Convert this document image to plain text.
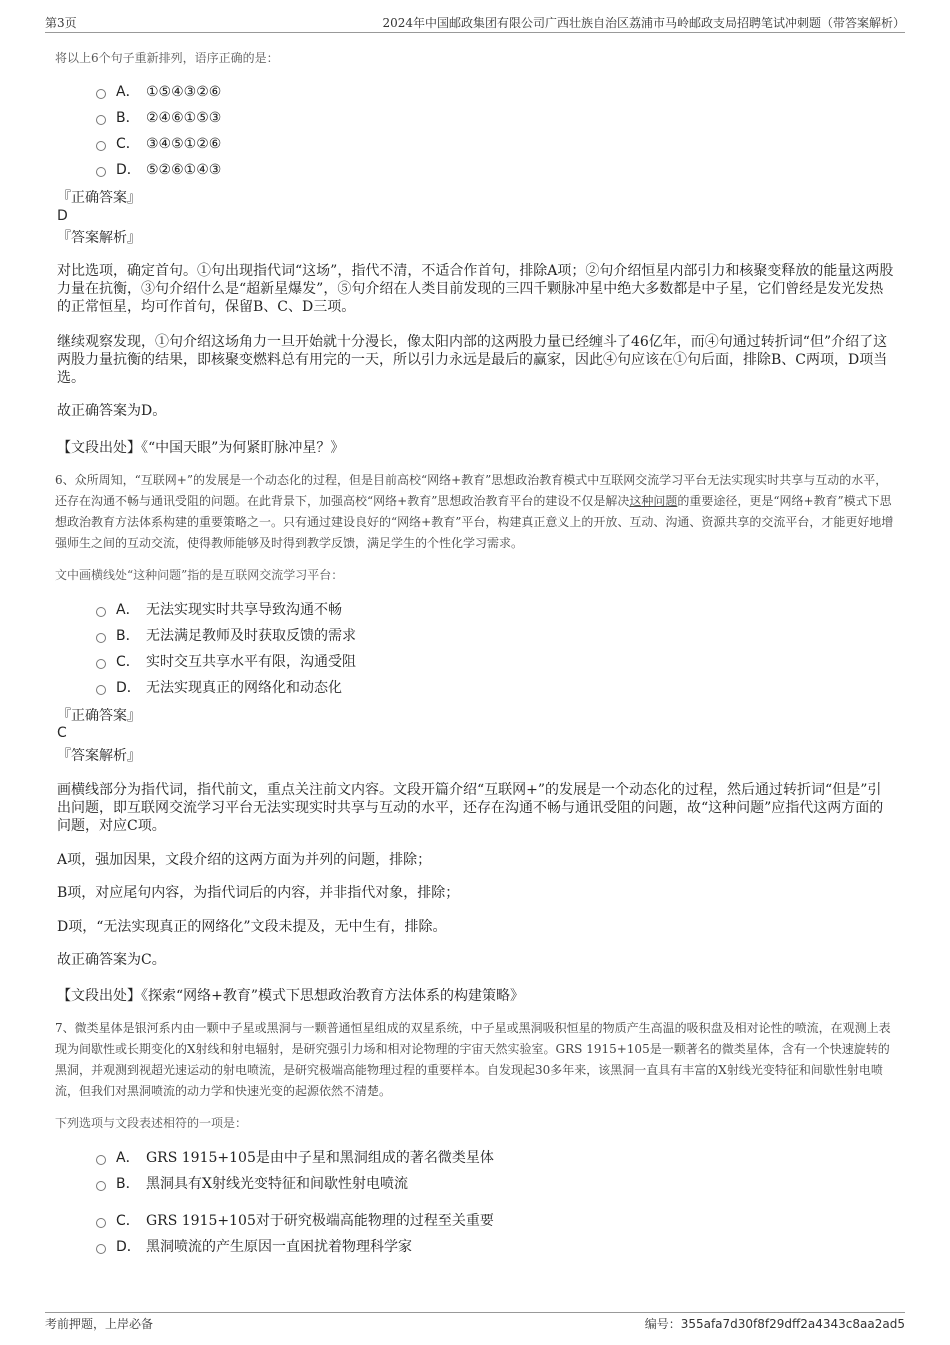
第3页	2024年中国邮政集团有限公司广西壮族自治区荔浦市马岭邮政支局招聘笔试冲刺题（带答案解析）
将以上6个句子重新排列，语序正确的是：
A． ①⑤④③②⑥
B． ②④⑥①⑤③
C． ③④⑤①②⑥
D． ⑤②⑥①④③
『正确答案』
D
『答案解析』
对比选项，确定首句。①句出现指代词“这场”，指代不清，不适合作首句，排除A项；②句介绍恒星内部引力和核聚变释放的能量这两股力量在抗衡，③句介绍什么是“超新星爆发”，⑤句介绍在人类目前发现的三四千颗脉冲星中绝大多数都是中子星，它们曾经是发光发热的正常恒星，均可作首句，保留B、C、D三项。
继续观察发现，①句介绍这场角力一旦开始就十分漫长，像太阳内部的这两股力量已经缠斗了46亿年，而④句通过转折词“但”介绍了这两股力量抗衡的结果，即核聚变燃料总有用完的一天，所以引力永远是最后的赢家，因此④句应该在①句后面，排除B、C两项，D项当选。
故正确答案为D。
【文段出处】《“中国天眼”为何紧盯脉冲星？》
6、众所周知，“互联网+”的发展是一个动态化的过程，但是目前高校“网络+教育”思想政治教育模式中互联网交流学习平台无法实现实时共享与互动的水平，还存在沟通不畅与通讯受阻的问题。在此背景下，加强高校“网络+教育”思想政治教育平台的建设不仅是解决这种问题的重要途径，更是“网络+教育”模式下思想政治教育方法体系构建的重要策略之一。只有通过建设良好的“网络+教育”平台，构建真正意义上的开放、互动、沟通、资源共享的交流平台，才能更好地增强师生之间的互动交流，使得教师能够及时得到教学反馈，满足学生的个性化学习需求。
文中画横线处“这种问题”指的是互联网交流学习平台：
A． 无法实现实时共享导致沟通不畅
B． 无法满足教师及时获取反馈的需求
C． 实时交互共享水平有限，沟通受阻
D． 无法实现真正的网络化和动态化
『正确答案』
C
『答案解析』
画横线部分为指代词，指代前文，重点关注前文内容。文段开篇介绍“互联网+”的发展是一个动态化的过程，然后通过转折词“但是”引出问题，即互联网交流学习平台无法实现实时共享与互动的水平，还存在沟通不畅与通讯受阻的问题，故“这种问题”应指代这两方面的问题，对应C项。
A项，强加因果，文段介绍的这两方面为并列的问题，排除；
B项，对应尾句内容，为指代词后的内容，并非指代对象，排除；
D项，“无法实现真正的网络化”文段未提及，无中生有，排除。
故正确答案为C。
【文段出处】《探索“网络+教育”模式下思想政治教育方法体系的构建策略》
7、微类星体是银河系内由一颗中子星或黑洞与一颗普通恒星组成的双星系统，中子星或黑洞吸积恒星的物质产生高温的吸积盘及相对论性的喷流，在观测上表现为间歇性或长期变化的X射线和射电辐射，是研究强引力场和相对论物理的宇宙天然实验室。GRS 1915+105是一颗著名的微类星体，含有一个快速旋转的黑洞，并观测到视超光速运动的射电喷流，是研究极端高能物理过程的重要样本。自发现起30多年来，该黑洞一直具有丰富的X射线光变特征和间歇性射电喷流，但我们对黑洞喷流的动力学和快速光变的起源依然不清楚。
下列选项与文段表述相符的一项是：
A． GRS 1915+105是由中子星和黑洞组成的著名微类星体
B． 黑洞具有X射线光变特征和间歇性射电喷流
C． GRS 1915+105对于研究极端高能物理的过程至关重要
D． 黑洞喷流的产生原因一直困扰着物理科学家
考前押题，上岸必备	编号：355afa7d30f8f29dff2a4343c8aa2ad5
